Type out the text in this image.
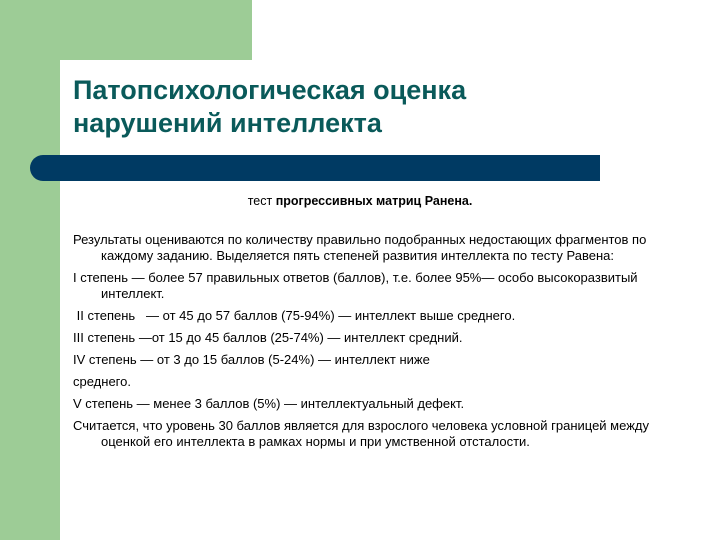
Патопсихологическая оценка
нарушений интеллекта
тест прогрессивных матриц Ранена.

Результаты оцениваются по количеству правильно подобранных недостающих фрагментов по каждому заданию. Выделяется пять степеней развития интеллекта по тесту Равена:

I степень — более 57 правильных ответов (баллов), т.е. более 95%— особо высокоразвитый интеллект.

II степень   — от 45 до 57 баллов (75-94%) — интеллект выше среднего.

III степень —от 15 до 45 баллов (25-74%) — интеллект средний.

IV степень — от 3 до 15 баллов (5-24%) — интеллект ниже

среднего.

V степень — менее 3 баллов (5%) — интеллектуальный дефект.

Считается, что уровень 30 баллов является для взрослого человека условной границей между оценкой его интеллекта в рамках нормы и при умственной отсталости.
